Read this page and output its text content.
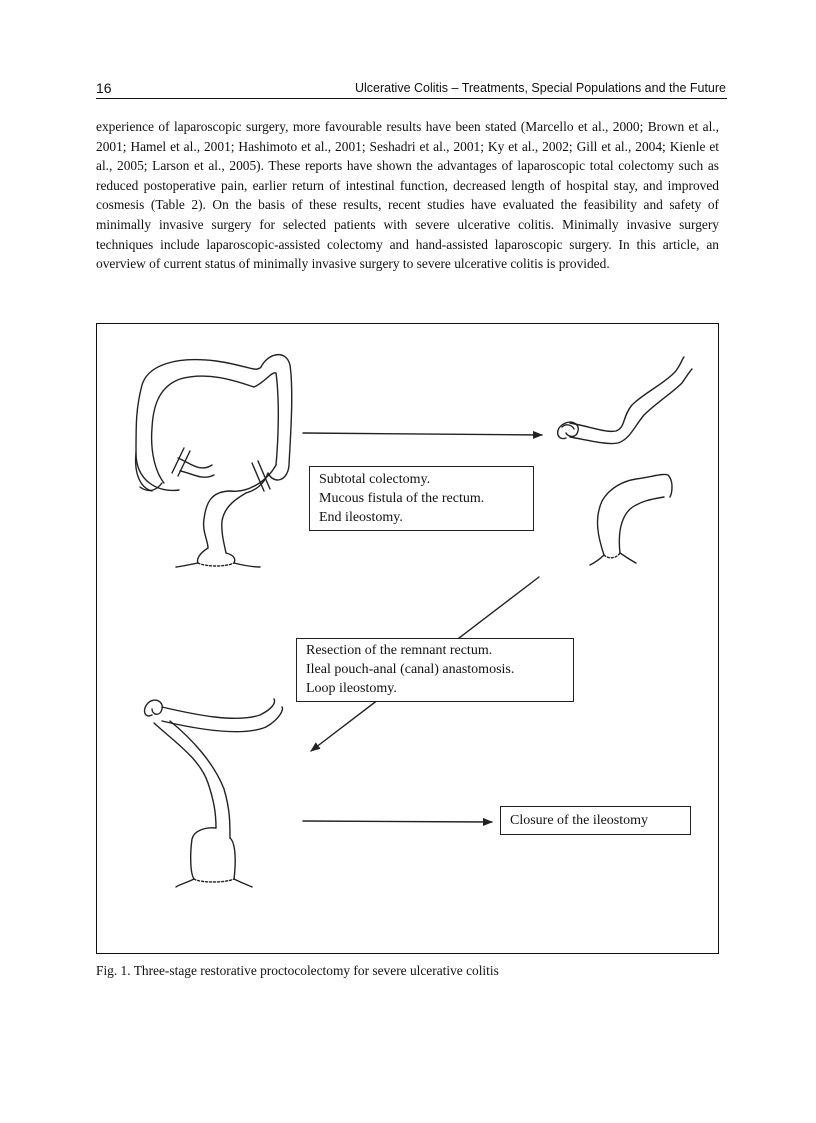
16	Ulcerative Colitis – Treatments, Special Populations and the Future

experience of laparoscopic surgery, more favourable results have been stated (Marcello et al., 2000; Brown et al., 2001; Hamel et al., 2001; Hashimoto et al., 2001; Seshadri et al., 2001; Ky et al., 2002; Gill et al., 2004; Kienle et al., 2005; Larson et al., 2005). These reports have shown the advantages of laparoscopic total colectomy such as reduced postoperative pain, earlier return of intestinal function, decreased length of hospital stay, and improved cosmesis (Table 2). On the basis of these results, recent studies have evaluated the feasibility and safety of minimally invasive surgery for selected patients with severe ulcerative colitis. Minimally invasive surgery techniques include laparoscopic-assisted colectomy and hand-assisted laparoscopic surgery. In this article, an overview of current status of minimally invasive surgery to severe ulcerative colitis is provided.

Subtotal colectomy.
Mucous fistula of the rectum.
End ileostomy.
Resection of the remnant rectum.
Ileal pouch-anal (canal) anastomosis.
Loop ileostomy.
Closure of the ileostomy
Fig. 1. Three-stage restorative proctocolectomy for severe ulcerative colitis
